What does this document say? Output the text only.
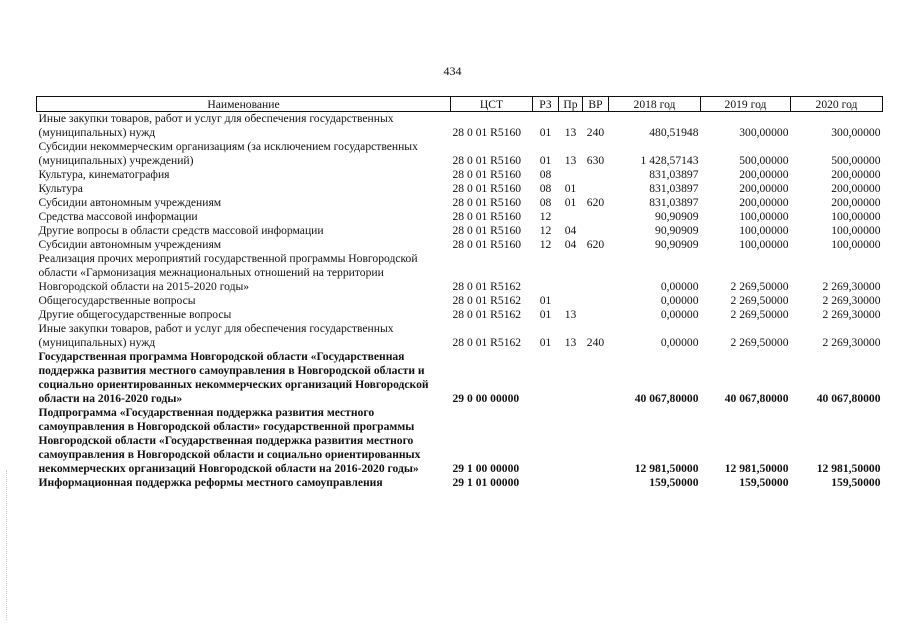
434
Наименование	ЦСТ	РЗ	Пр	ВР	2018 год	2019 год	2020 год
Иные закупки товаров, работ и услуг для обеспечения государственных (муниципальных) нужд	28 0 01 R5160	01	13	240	480,51948	300,00000	300,00000
Субсидии некоммерческим организациям (за исключением государственных (муниципальных) учреждений)	28 0 01 R5160	01	13	630	1 428,57143	500,00000	500,00000
Культура, кинематография	28 0 01 R5160	08			831,03897	200,00000	200,00000
Культура	28 0 01 R5160	08	01		831,03897	200,00000	200,00000
Субсидии автономным учреждениям	28 0 01 R5160	08	01	620	831,03897	200,00000	200,00000
Средства массовой информации	28 0 01 R5160	12			90,90909	100,00000	100,00000
Другие вопросы в области средств массовой информации	28 0 01 R5160	12	04		90,90909	100,00000	100,00000
Субсидии автономным учреждениям	28 0 01 R5160	12	04	620	90,90909	100,00000	100,00000
Реализация прочих мероприятий государственной программы Новгородской области «Гармонизация межнациональных отношений на территории Новгородской области на 2015-2020 годы»	28 0 01 R5162				0,00000	2 269,50000	2 269,30000
Общегосударственные вопросы	28 0 01 R5162	01			0,00000	2 269,50000	2 269,30000
Другие общегосударственные вопросы	28 0 01 R5162	01	13		0,00000	2 269,50000	2 269,30000
Иные закупки товаров, работ и услуг для обеспечения государственных (муниципальных) нужд	28 0 01 R5162	01	13	240	0,00000	2 269,50000	2 269,30000
Государственная программа Новгородской области «Государственная поддержка развития местного самоуправления в Новгородской области и социально ориентированных некоммерческих организаций Новгородской области на 2016-2020 годы»	29 0 00 00000				40 067,80000	40 067,80000	40 067,80000
Подпрограмма «Государственная поддержка развития местного самоуправления в Новгородской области» государственной программы Новгородской области «Государственная поддержка развития местного самоуправления в Новгородской области и социально ориентированных некоммерческих организаций Новгородской области на 2016-2020 годы»	29 1 00 00000				12 981,50000	12 981,50000	12 981,50000
Информационная поддержка реформы местного самоуправления	29 1 01 00000				159,50000	159,50000	159,50000
